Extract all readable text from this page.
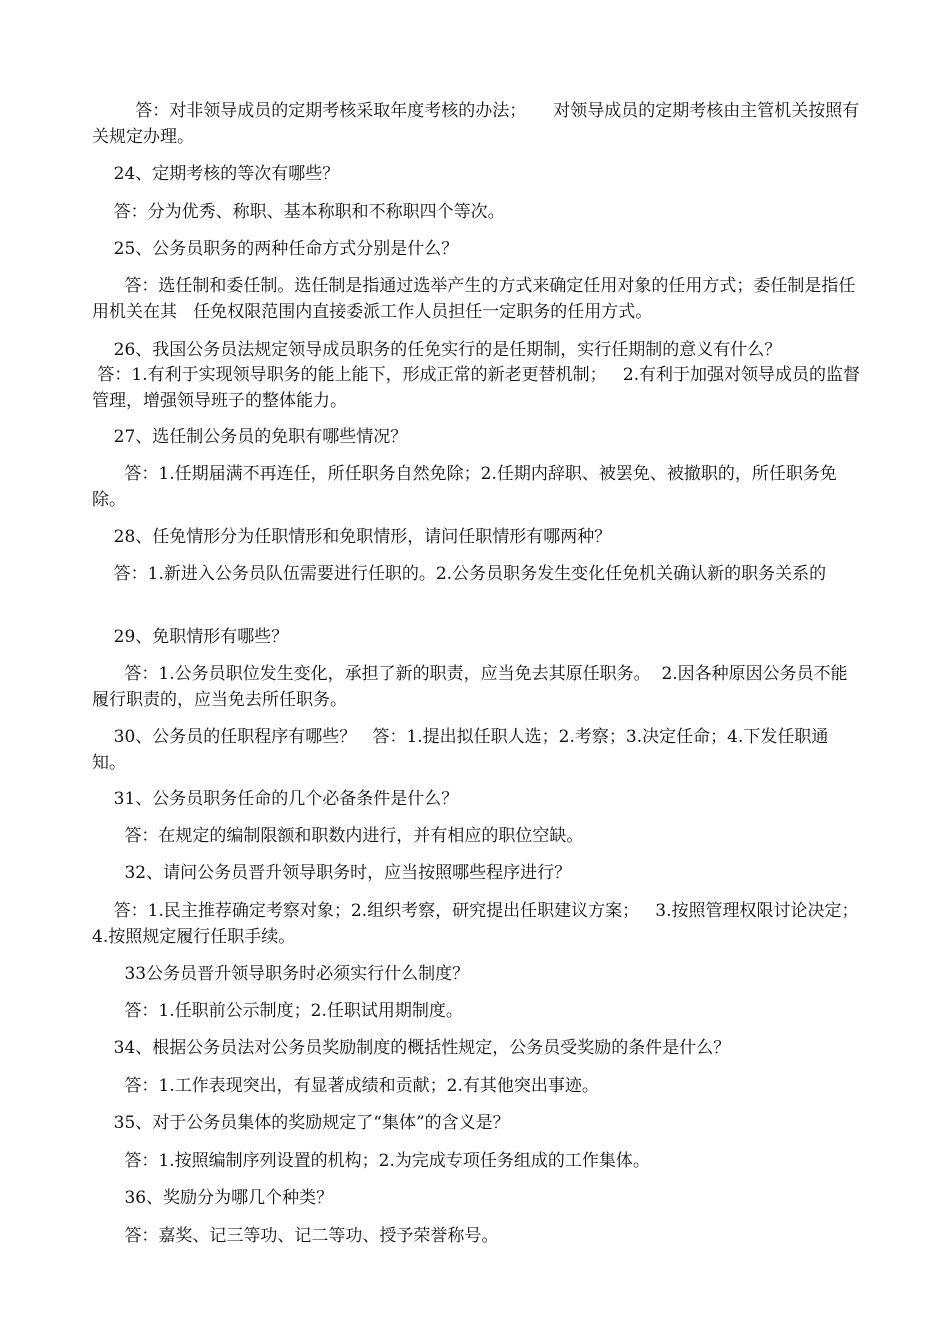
答：对非领导成员的定期考核采取年度考核的办法；     对领导成员的定期考核由主管机关按照有关规定办理。

24、定期考核的等次有哪些？

答：分为优秀、称职、基本称职和不称职四个等次。

25、公务员职务的两种任命方式分别是什么？

答：选任制和委任制。选任制是指通过选举产生的方式来确定任用对象的任用方式；委任制是指任用机关在其   任免权限范围内直接委派工作人员担任一定职务的任用方式。

26、我国公务员法规定领导成员职务的任免实行的是任期制，实行任期制的意义有什么？

答：1.有利于实现领导职务的能上能下，形成正常的新老更替机制；   2.有利于加强对领导成员的监督管理，增强领导班子的整体能力。

27、选任制公务员的免职有哪些情况？

答：1.任期届满不再连任，所任职务自然免除；2.任期内辞职、被罢免、被撤职的，所任职务免除。

28、任免情形分为任职情形和免职情形，请问任职情形有哪两种？

答：1.新进入公务员队伍需要进行任职的。2.公务员职务发生变化任免机关确认新的职务关系的

29、免职情形有哪些？

答：1.公务员职位发生变化，承担了新的职责，应当免去其原任职务。  2.因各种原因公务员不能履行职责的，应当免去所任职务。

30、公务员的任职程序有哪些？   答：1.提出拟任职人选；2.考察；3.决定任命；4.下发任职通知。

31、公务员职务任命的几个必备条件是什么？

答：在规定的编制限额和职数内进行，并有相应的职位空缺。

32、请问公务员晋升领导职务时，应当按照哪些程序进行？

答：1.民主推荐确定考察对象；2.组织考察，研究提出任职建议方案；   3.按照管理权限讨论决定；4.按照规定履行任职手续。

33公务员晋升领导职务时必须实行什么制度？

答：1.任职前公示制度；2.任职试用期制度。

34、根据公务员法对公务员奖励制度的概括性规定，公务员受奖励的条件是什么？

答：1.工作表现突出，有显著成绩和贡献；2.有其他突出事迹。

35、对于公务员集体的奖励规定了“集体”的含义是？

答：1.按照编制序列设置的机构；2.为完成专项任务组成的工作集体。

36、奖励分为哪几个种类？

答：嘉奖、记三等功、记二等功、授予荣誉称号。
